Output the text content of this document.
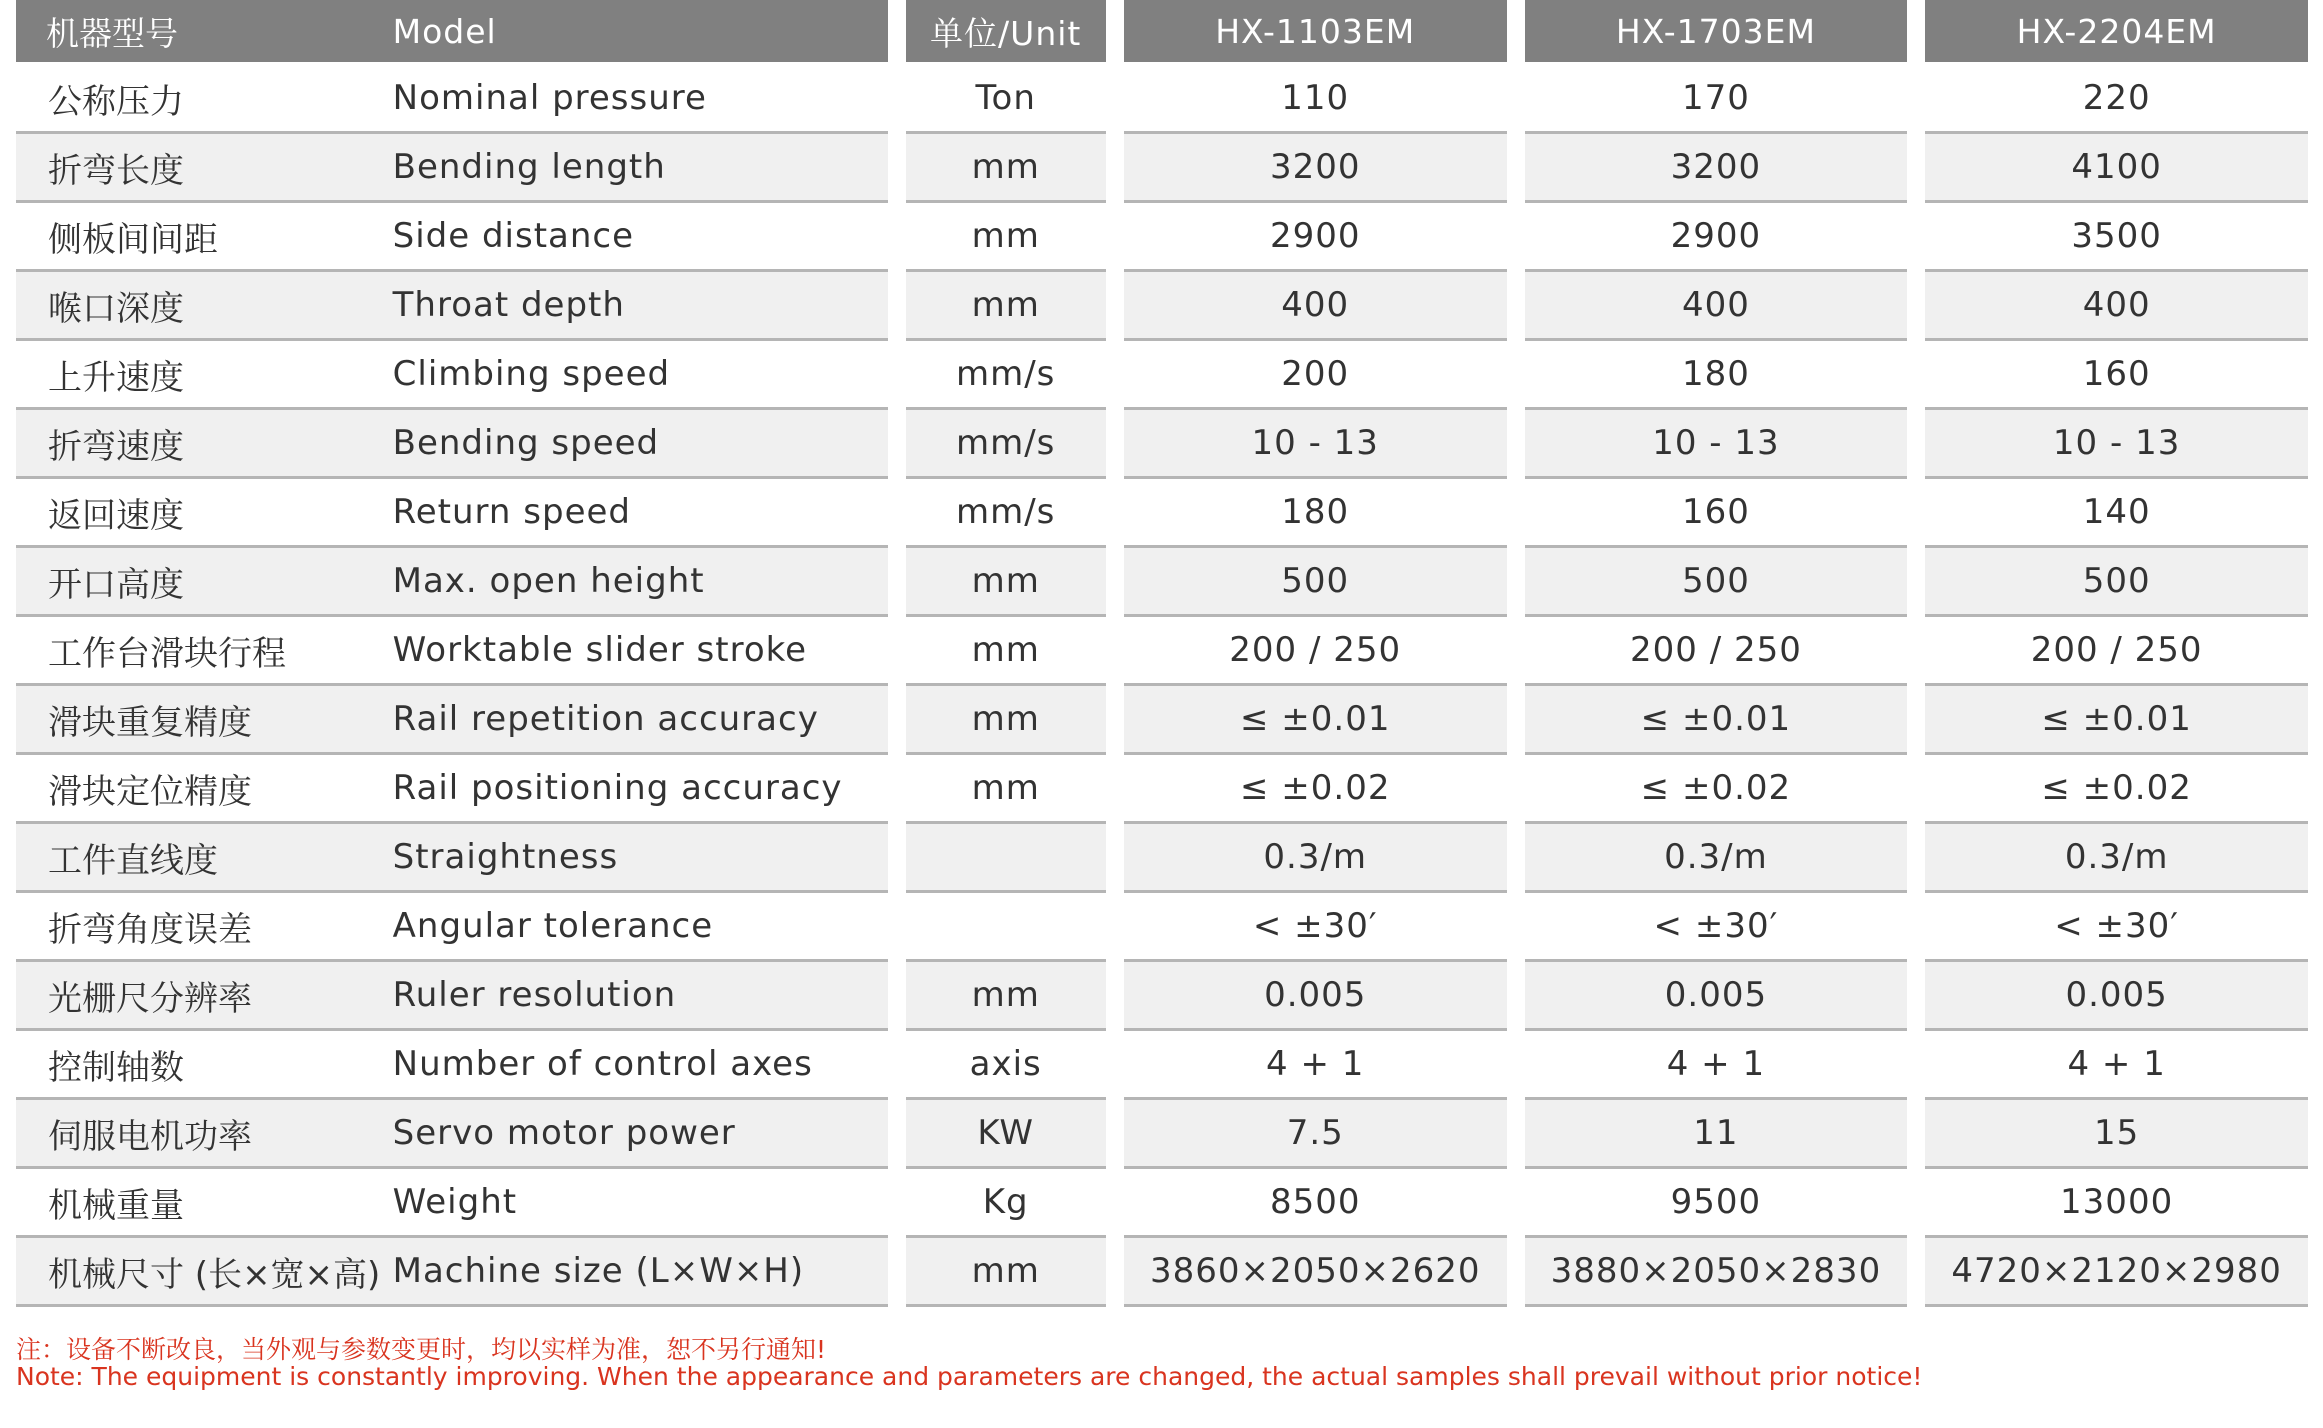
机器型号	Model		单位/Unit		HX-1103EM		HX-1703EM		HX-2204EM
公称压力	Nominal pressure		Ton		110		170		220
折弯长度	Bending length		mm		3200		3200		4100
侧板间间距	Side distance		mm		2900		2900		3500
喉口深度	Throat depth		mm		400		400		400
上升速度	Climbing speed		mm/s		200		180		160
折弯速度	Bending speed		mm/s		10 - 13		10 - 13		10 - 13
返回速度	Return speed		mm/s		180		160		140
开口高度	Max. open height		mm		500		500		500
工作台滑块行程	Worktable slider stroke		mm		200 / 250		200 / 250		200 / 250
滑块重复精度	Rail repetition accuracy		mm		≤ ±0.01		≤ ±0.01		≤ ±0.01
滑块定位精度	Rail positioning accuracy		mm		≤ ±0.02		≤ ±0.02		≤ ±0.02
工件直线度	Straightness				0.3/m		0.3/m		0.3/m
折弯角度误差	Angular tolerance				< ±30′		< ±30′		< ±30′
光栅尺分辨率	Ruler resolution		mm		0.005		0.005		0.005
控制轴数	Number of control axes		axis		4 + 1		4 + 1		4 + 1
伺服电机功率	Servo motor power		KW		7.5		11		15
机械重量	Weight		Kg		8500		9500		13000
机械尺寸 (长×宽×高)	Machine size (L×W×H)		mm		3860×2050×2620		3880×2050×2830		4720×2120×2980
注：设备不断改良，当外观与参数变更时，均以实样为准，恕不另行通知!
Note: The equipment is constantly improving. When the appearance and parameters are changed, the actual samples shall prevail without prior notice!
